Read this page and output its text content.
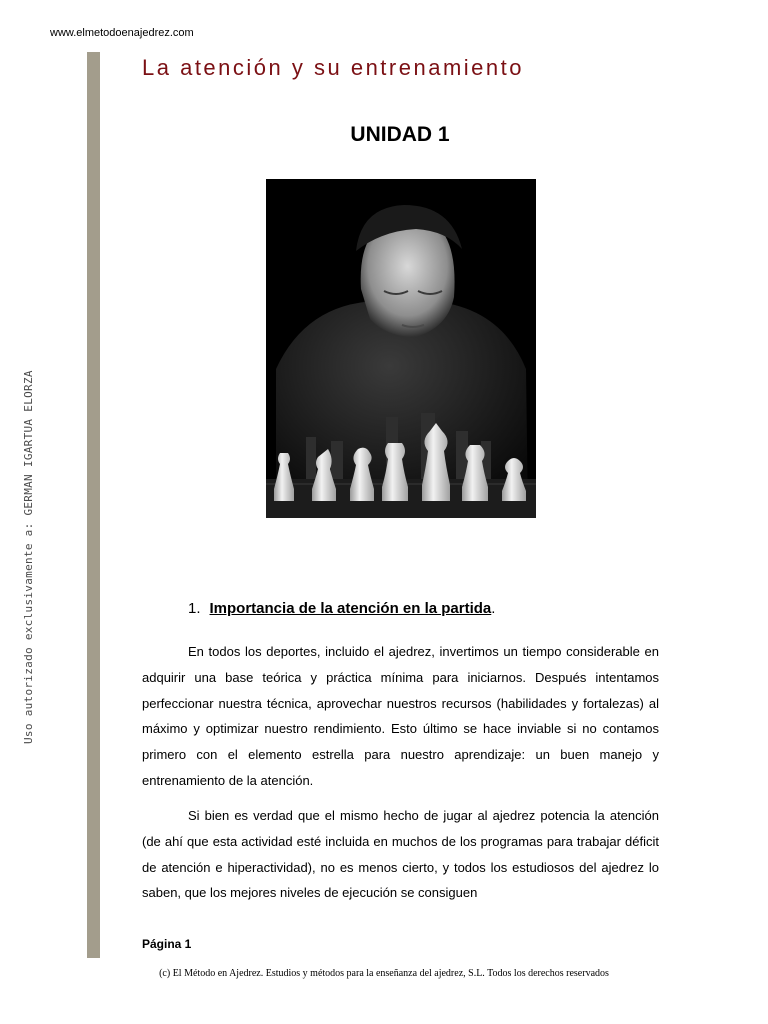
www.elmetodoenajedrez.com
Uso autorizado exclusivamente a: GERMAN IGARTUA ELORZA
La atención y su entrenamiento
UNIDAD 1
1. Importancia de la atención en la partida.

En todos los deportes, incluido el ajedrez, invertimos un tiempo considerable en adquirir una base teórica y práctica mínima para iniciarnos. Después intentamos perfeccionar nuestra técnica, aprovechar nuestros recursos (habilidades y fortalezas) al máximo y optimizar nuestro rendimiento. Esto último se hace inviable si no contamos primero con el elemento estrella para nuestro aprendizaje: un buen manejo y entrenamiento de la atención.

Si bien es verdad que el mismo hecho de jugar al ajedrez potencia la atención (de ahí que esta actividad esté incluida en muchos de los programas para trabajar déficit de atención e hiperactividad), no es menos cierto, y todos los estudiosos del ajedrez lo saben, que los mejores niveles de ejecución se consiguen

Página 1
(c) El Método en Ajedrez. Estudios y métodos para la enseñanza del ajedrez, S.L. Todos los derechos reservados
